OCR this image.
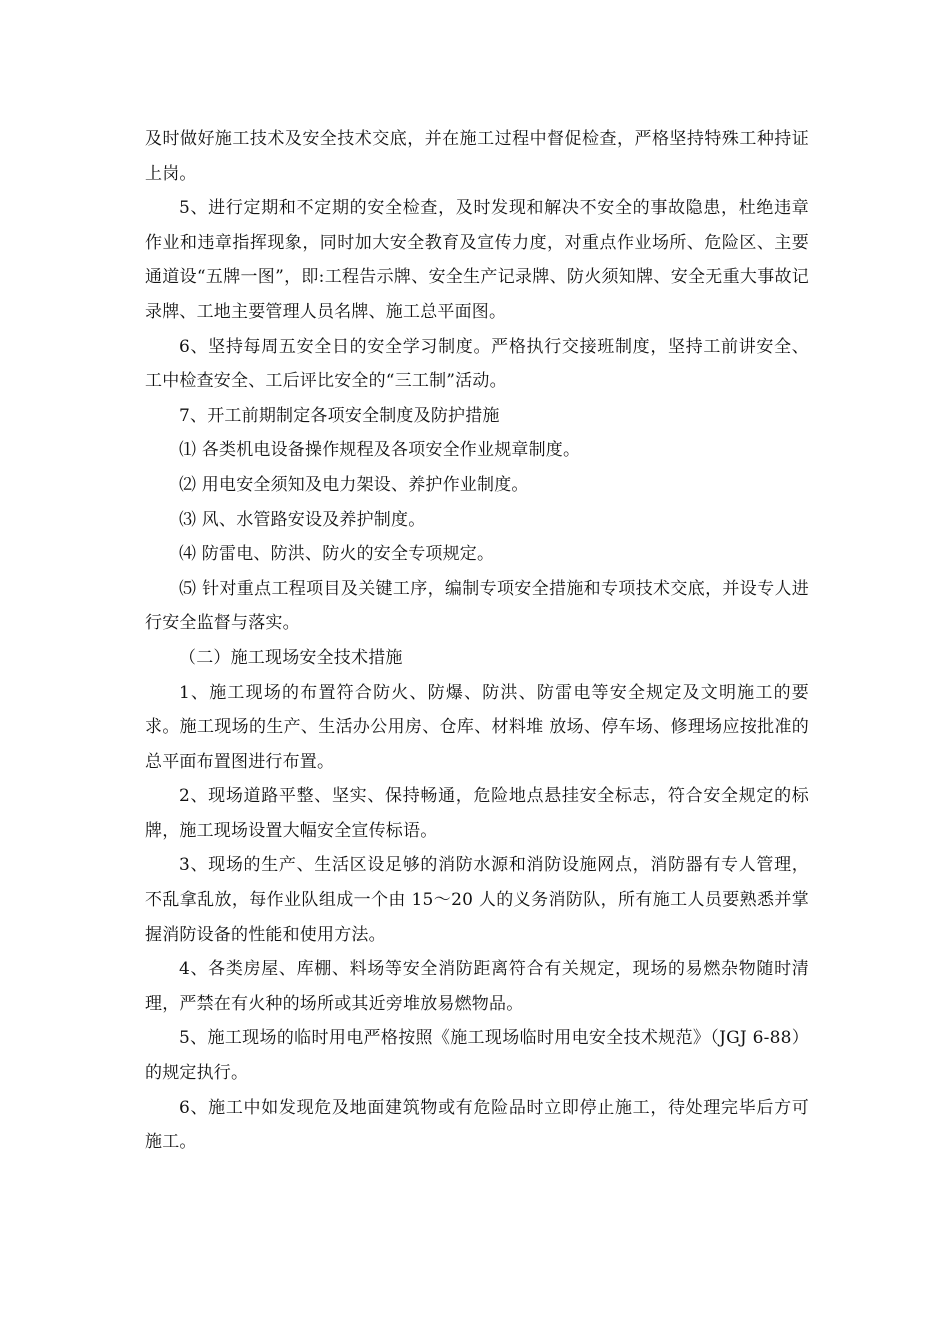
及时做好施工技术及安全技术交底，并在施工过程中督促检查，严格坚持特殊工种持证上岗。

5、进行定期和不定期的安全检查，及时发现和解决不安全的事故隐患，杜绝违章作业和违章指挥现象，同时加大安全教育及宣传力度，对重点作业场所、危险区、主要通道设“五牌一图”，即:工程告示牌、安全生产记录牌、防火须知牌、安全无重大事故记录牌、工地主要管理人员名牌、施工总平面图。

6、坚持每周五安全日的安全学习制度。严格执行交接班制度，坚持工前讲安全、工中检查安全、工后评比安全的“三工制”活动。

7、开工前期制定各项安全制度及防护措施

⑴ 各类机电设备操作规程及各项安全作业规章制度。

⑵ 用电安全须知及电力架设、养护作业制度。

⑶ 风、水管路安设及养护制度。

⑷ 防雷电、防洪、防火的安全专项规定。

⑸ 针对重点工程项目及关键工序，编制专项安全措施和专项技术交底，并设专人进行安全监督与落实。

（二）施工现场安全技术措施

1、施工现场的布置符合防火、防爆、防洪、防雷电等安全规定及文明施工的要求。施工现场的生产、生活办公用房、仓库、材料堆 放场、停车场、修理场应按批准的总平面布置图进行布置。

2、现场道路平整、坚实、保持畅通，危险地点悬挂安全标志，符合安全规定的标牌，施工现场设置大幅安全宣传标语。

3、现场的生产、生活区设足够的消防水源和消防设施网点，消防器有专人管理，不乱拿乱放，每作业队组成一个由 15～20 人的义务消防队，所有施工人员要熟悉并掌握消防设备的性能和使用方法。

4、各类房屋、库棚、料场等安全消防距离符合有关规定，现场的易燃杂物随时清理，严禁在有火种的场所或其近旁堆放易燃物品。

5、施工现场的临时用电严格按照《施工现场临时用电安全技术规范》（JGJ 6-88）的规定执行。

6、施工中如发现危及地面建筑物或有危险品时立即停止施工，待处理完毕后方可施工。
